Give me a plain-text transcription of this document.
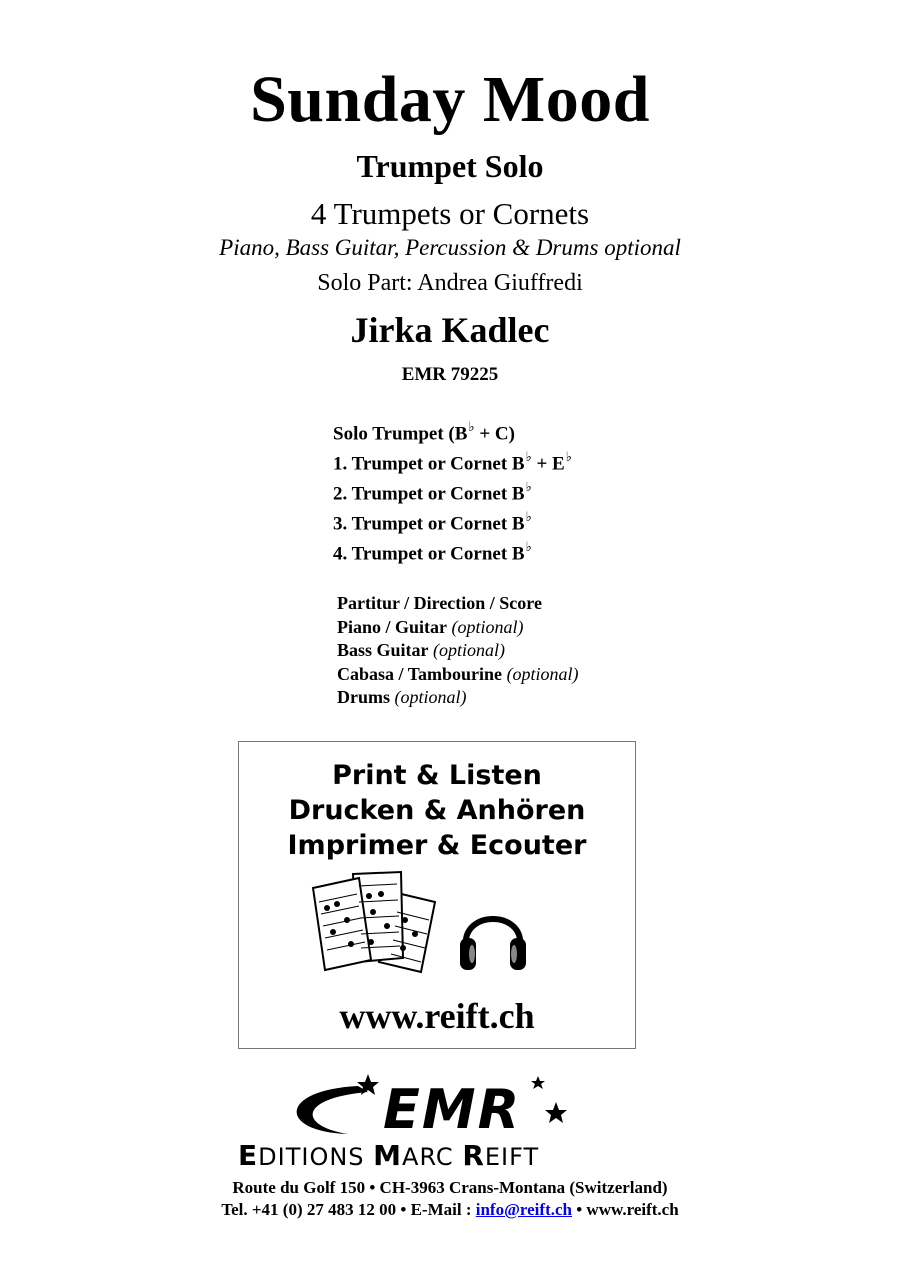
Sunday Mood
Trumpet Solo
4 Trumpets or Cornets
Piano, Bass Guitar, Percussion & Drums optional
Solo Part: Andrea Giuffredi
Jirka Kadlec
EMR 79225
Solo Trumpet (B♭ + C)
1. Trumpet or Cornet B♭ + E♭
2. Trumpet or Cornet B♭
3. Trumpet or Cornet B♭
4. Trumpet or Cornet B♭
Partitur / Direction / Score
Piano / Guitar (optional)
Bass Guitar (optional)
Cabasa / Tambourine (optional)
Drums (optional)
Print & Listen
Drucken & Anhören
Imprimer & Ecouter
www.reift.ch
EMR
EDITIONS MARC REIFT
Route du Golf 150 • CH-3963 Crans-Montana (Switzerland)
Tel. +41 (0) 27 483 12 00 • E-Mail : info@reift.ch • www.reift.ch
